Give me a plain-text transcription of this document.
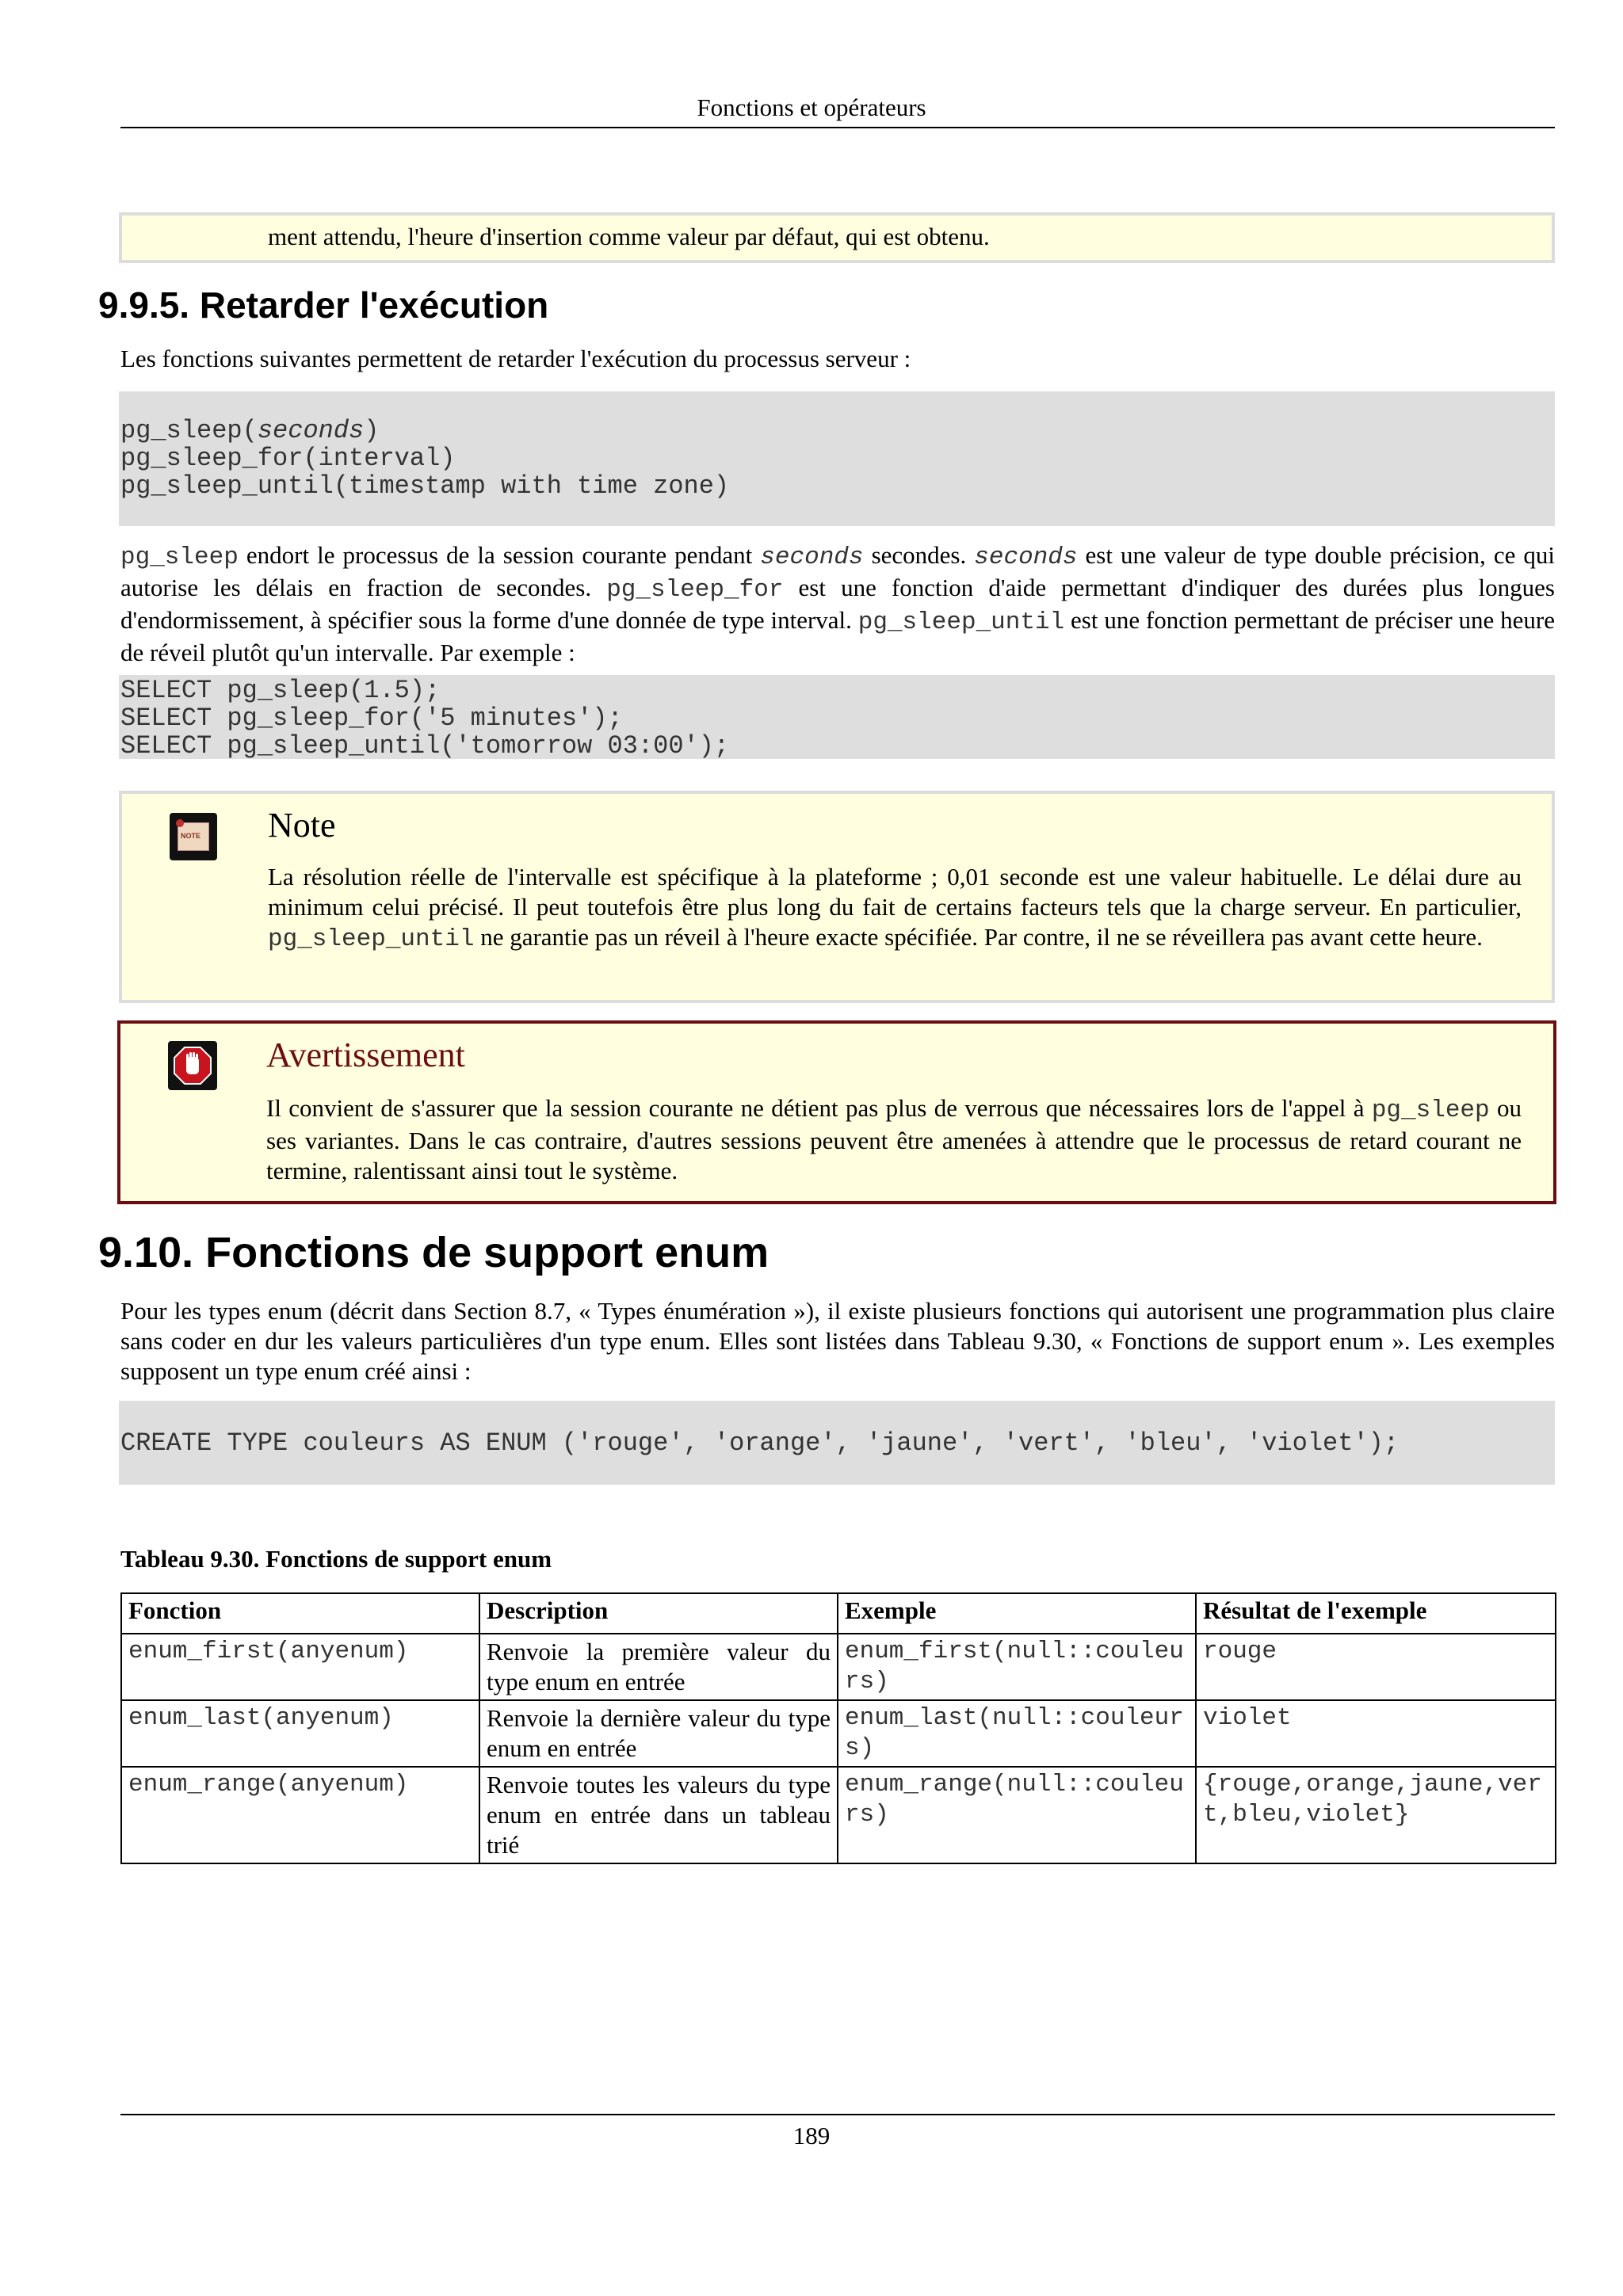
Fonctions et opérateurs
ment attendu, l'heure d'insertion comme valeur par défaut, qui est obtenu.
9.9.5. Retarder l'exécution
Les fonctions suivantes permettent de retarder l'exécution du processus serveur :
pg_sleep(seconds)
pg_sleep_for(interval)
pg_sleep_until(timestamp with time zone)
pg_sleep endort le processus de la session courante pendant seconds secondes. seconds est une valeur de type double précision, ce qui autorise les délais en fraction de secondes. pg_sleep_for est une fonction d'aide permettant d'indiquer des durées plus longues d'endormissement, à spécifier sous la forme d'une donnée de type interval. pg_sleep_until est une fonction permettant de préciser une heure de réveil plutôt qu'un intervalle. Par exemple :
SELECT pg_sleep(1.5);
SELECT pg_sleep_for('5 minutes');
SELECT pg_sleep_until('tomorrow 03:00');
NOTE Note
La résolution réelle de l'intervalle est spécifique à la plateforme ; 0,01 seconde est une valeur habituelle. Le délai dure au minimum celui précisé. Il peut toutefois être plus long du fait de certains facteurs tels que la charge serveur. En particulier, pg_sleep_until ne garantie pas un réveil à l'heure exacte spécifiée. Par contre, il ne se réveillera pas avant cette heure.
Avertissement
Il convient de s'assurer que la session courante ne détient pas plus de verrous que nécessaires lors de l'appel à pg_sleep ou ses variantes. Dans le cas contraire, d'autres sessions peuvent être amenées à attendre que le processus de retard courant ne termine, ralentissant ainsi tout le système.
9.10. Fonctions de support enum
Pour les types enum (décrit dans Section 8.7, « Types énumération »), il existe plusieurs fonctions qui autorisent une programmation plus claire sans coder en dur les valeurs particulières d'un type enum. Elles sont listées dans Tableau 9.30, « Fonctions de support enum ». Les exemples supposent un type enum créé ainsi :
CREATE TYPE couleurs AS ENUM ('rouge', 'orange', 'jaune', 'vert', 'bleu', 'violet');
Tableau 9.30. Fonctions de support enum
Fonction	Description	Exemple	Résultat de l'exemple
enum_first(anyenum)	Renvoie la première valeur du type enum en entrée	enum_first(null::couleurs)	rouge
enum_last(anyenum)	Renvoie la dernière valeur du type enum en entrée	enum_last(null::couleurs)	violet
enum_range(anyenum)	Renvoie toutes les valeurs du type enum en entrée dans un tableau trié	enum_range(null::couleurs)	{rouge,orange,jaune,vert,bleu,violet}
189
